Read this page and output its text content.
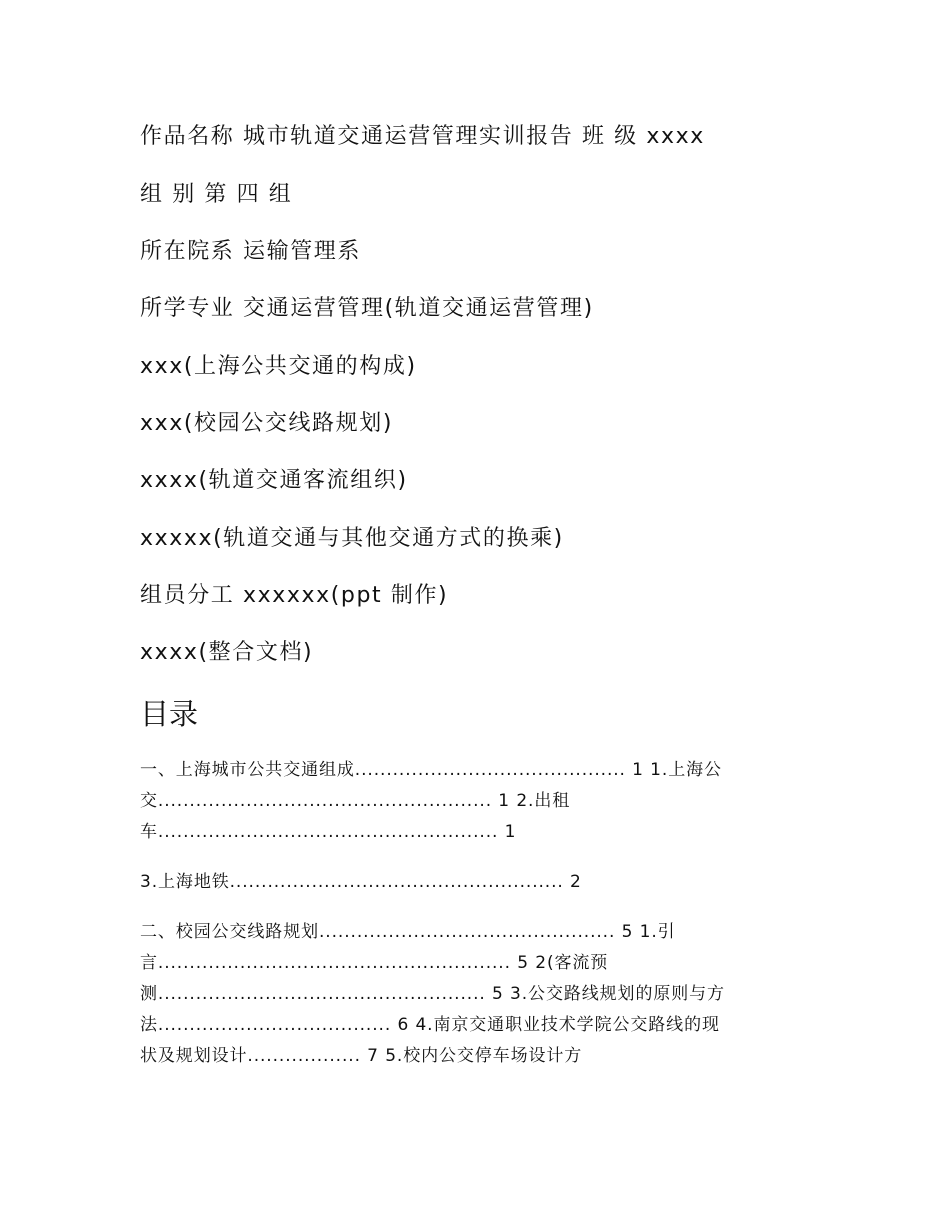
作品名称 城市轨道交通运营管理实训报告 班 级 xxxx
组 别 第 四 组
所在院系 运输管理系
所学专业 交通运营管理(轨道交通运营管理)
xxx(上海公共交通的构成)
xxx(校园公交线路规划)
xxxx(轨道交通客流组织)
xxxxx(轨道交通与其他交通方式的换乘)
组员分工 xxxxxx(ppt 制作)
xxxx(整合文档)
目录
一、上海城市公共交通组成........................................... 1 1.上海公
交..................................................... 1 2.出租
车...................................................... 1
3.上海地铁..................................................... 2
二、校园公交线路规划............................................... 5 1.引
言........................................................ 5 2(客流预
测.................................................... 5 3.公交路线规划的原则与方
法..................................... 6 4.南京交通职业技术学院公交路线的现
状及规划设计.................. 7 5.校内公交停车场设计方
